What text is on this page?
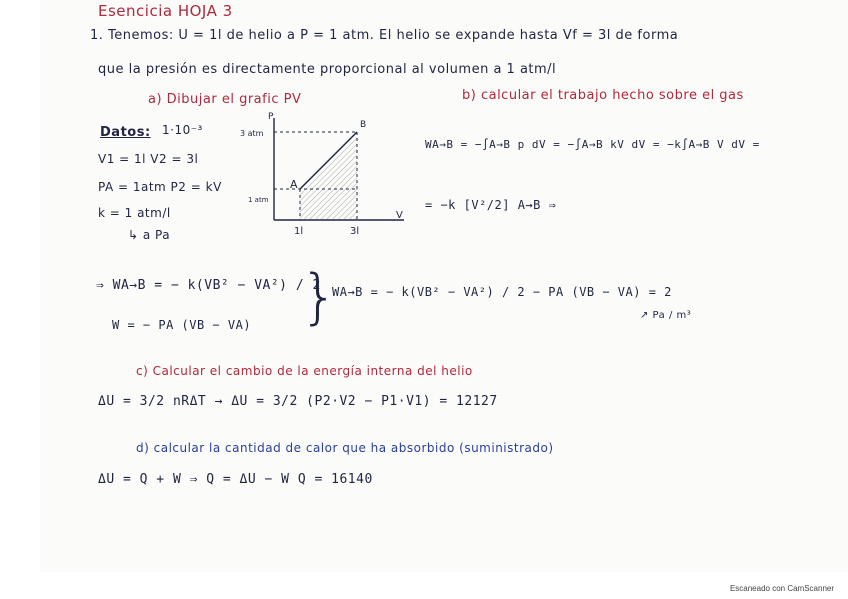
Esencicia HOJA 3
1. Tenemos: U = 1l de helio a P = 1 atm. El helio se expande hasta Vf = 3l de forma
que la presión es directamente proporcional al volumen a 1 atm/l
a) Dibujar el grafic PV	b) calcular el trabajo hecho sobre el gas
Datos: 1·10⁻³
V1 = 1l V2 = 3l
PA = 1atm P2 = kV
k = 1 atm/l
↳ a Pa
P
V
A
B
3 atm
1 atm
1l	3l
WA→B = −∫A→B p dV = −∫A→B kV dV = −k∫A→B V dV =
= −k [V²/2] A→B ⇒
⇒ WA→B = − k(VB² − VA²) / 2
}
WA→B = − k(VB² − VA²) / 2 − PA (VB − VA) = 2
↗ Pa / m³
W = − PA (VB − VA)
c) Calcular el cambio de la energía interna del helio
ΔU = 3/2 nRΔT → ΔU = 3/2 (P2·V2 − P1·V1) = 12127
d) calcular la cantidad de calor que ha absorbido (suministrado)
ΔU = Q + W ⇒ Q = ΔU − W Q = 16140
Escaneado con CamScanner
